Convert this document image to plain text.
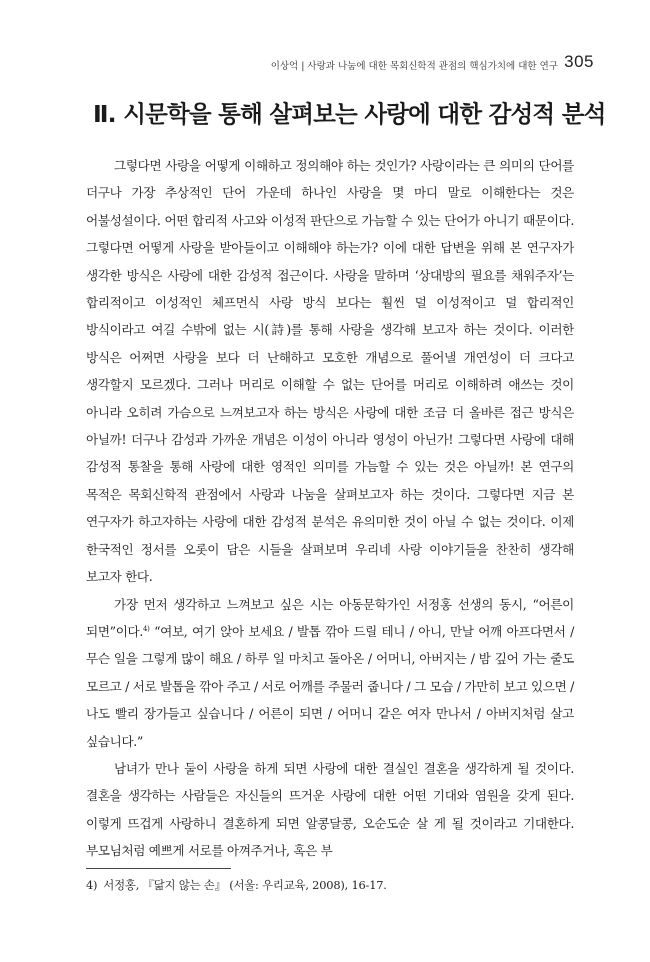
이상억 | 사랑과 나눔에 대한 목회신학적 관점의 핵심가치에 대한 연구 305
Ⅱ. 시문학을 통해 살펴보는 사랑에 대한 감성적 분석

그렇다면 사랑을 어떻게 이해하고 정의해야 하는 것인가? 사랑이라는 큰 의미의 단어를 더구나 가장 추상적인 단어 가운데 하나인 사랑을 몇 마디 말로 이해한다는 것은 어불성설이다. 어떤 합리적 사고와 이성적 판단으로 가늠할 수 있는 단어가 아니기 때문이다. 그렇다면 어떻게 사랑을 받아들이고 이해해야 하는가? 이에 대한 답변을 위해 본 연구자가 생각한 방식은 사랑에 대한 감성적 접근이다. 사랑을 말하며 ‘상대방의 필요를 채워주자’는 합리적이고 이성적인 체프먼식 사랑 방식 보다는 훨씬 덜 이성적이고 덜 합리적인 방식이라고 여길 수밖에 없는 시(詩)를 통해 사랑을 생각해 보고자 하는 것이다. 이러한 방식은 어쩌면 사랑을 보다 더 난해하고 모호한 개념으로 풀어낼 개연성이 더 크다고 생각할지 모르겠다. 그러나 머리로 이해할 수 없는 단어를 머리로 이해하려 애쓰는 것이 아니라 오히려 가슴으로 느껴보고자 하는 방식은 사랑에 대한 조금 더 올바른 접근 방식은 아닐까! 더구나 감성과 가까운 개념은 이성이 아니라 영성이 아닌가! 그렇다면 사랑에 대해 감성적 통찰을 통해 사랑에 대한 영적인 의미를 가늠할 수 있는 것은 아닐까! 본 연구의 목적은 목회신학적 관점에서 사랑과 나눔을 살펴보고자 하는 것이다. 그렇다면 지금 본 연구자가 하고자하는 사랑에 대한 감성적 분석은 유의미한 것이 아닐 수 없는 것이다. 이제 한국적인 정서를 오롯이 담은 시들을 살펴보며 우리네 사랑 이야기들을 찬찬히 생각해 보고자 한다.

가장 먼저 생각하고 느껴보고 싶은 시는 아동문학가인 서정홍 선생의 동시, “어른이 되면”이다.$^{4)}$ “여보, 여기 앉아 보세요 / 발톱 깎아 드릴 테니 / 아니, 만날 어깨 아프다면서 / 무슨 일을 그렇게 많이 해요 / 하루 일 마치고 돌아온 / 어머니, 아버지는 / 밤 깊어 가는 줄도 모르고 / 서로 발톱을 깎아 주고 / 서로 어깨를 주물러 줍니다 / 그 모습 / 가만히 보고 있으면 / 나도 빨리 장가들고 싶습니다 / 어른이 되면 / 어머니 같은 여자 만나서 / 아버지처럼 살고 싶습니다.”

남녀가 만나 둘이 사랑을 하게 되면 사랑에 대한 결실인 결혼을 생각하게 될 것이다. 결혼을 생각하는 사람들은 자신들의 뜨거운 사랑에 대한 어떤 기대와 염원을 갖게 된다. 이렇게 뜨겁게 사랑하니 결혼하게 되면 알콩달콩, 오순도순 살 게 될 것이라고 기대한다. 부모님처럼 예쁘게 서로를 아껴주거나, 혹은 부

4) 서정홍, 『닮지 않는 손』 (서울: 우리교육, 2008), 16-17.
